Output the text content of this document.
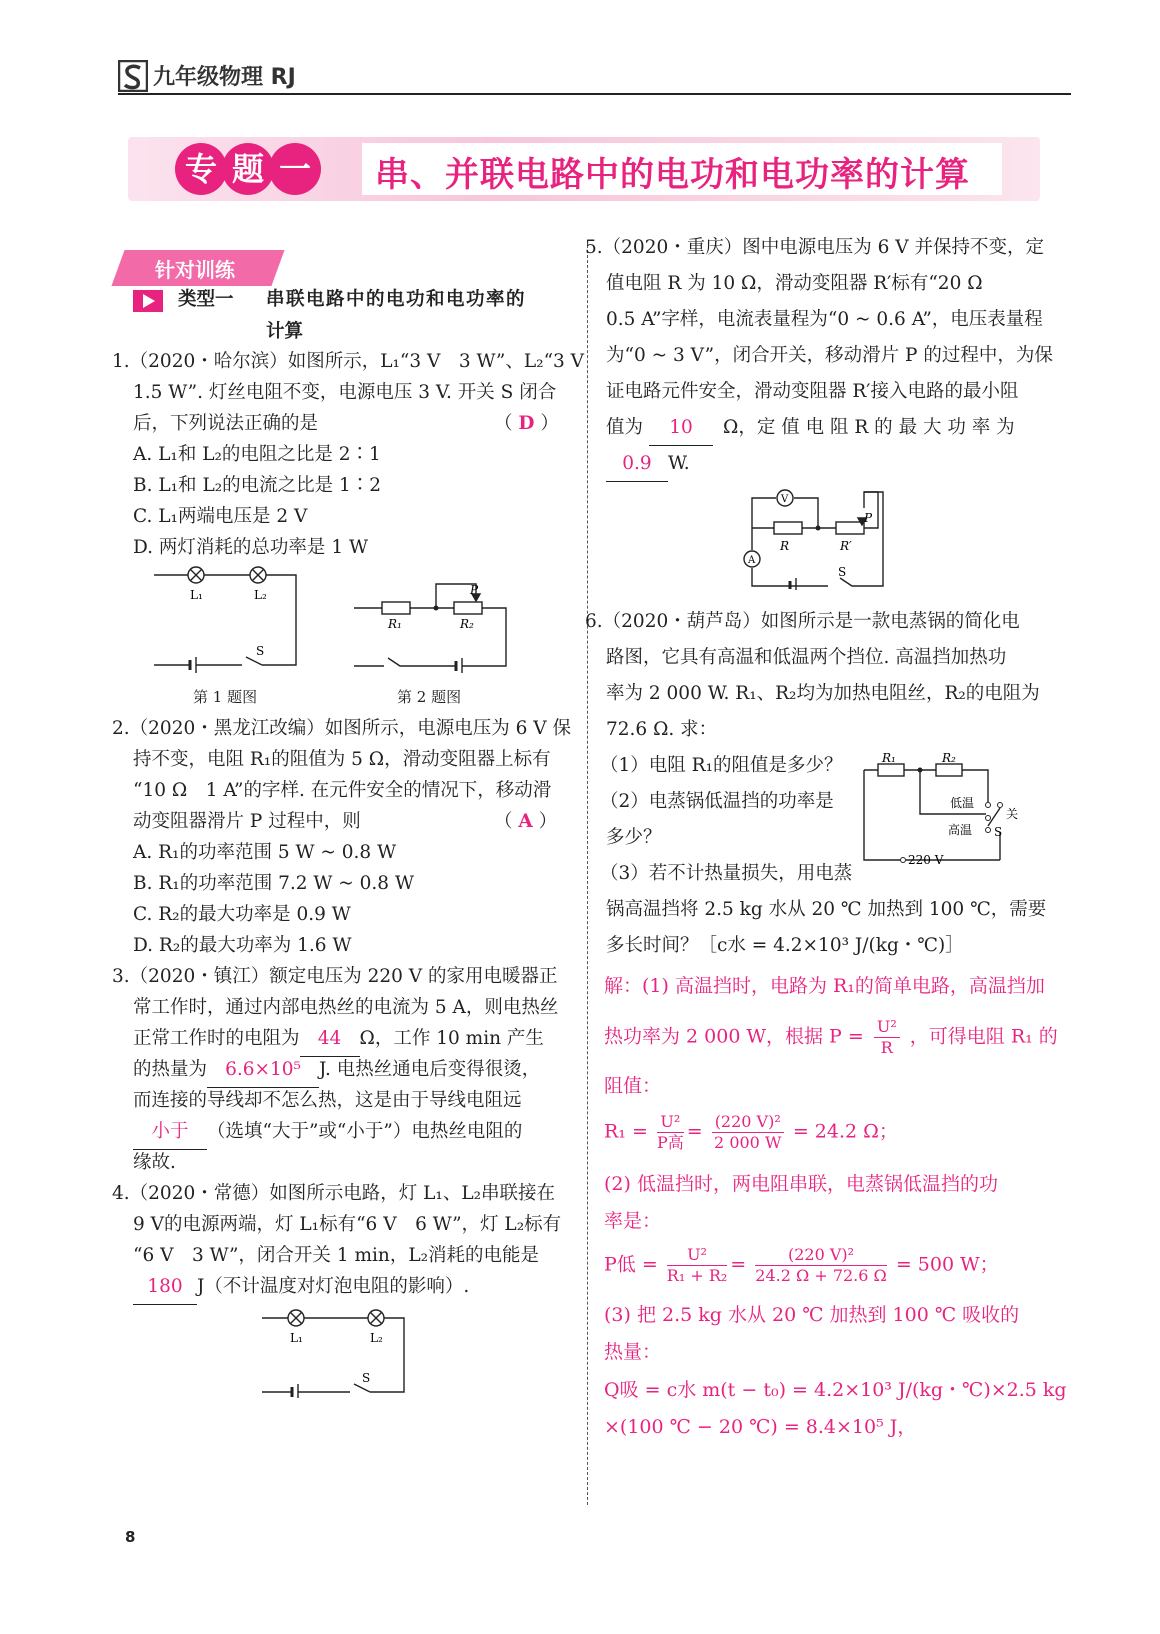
九年级物理 RJ
专 题 一 串、并联电路中的电功和电功率的计算
针对训练
类型一 串联电路中的电功和电功率的
计算
1.（2020・哈尔滨）如图所示，L₁“3 V　3 W”、L₂“3 V
1.5 W”. 灯丝电阻不变，电源电压 3 V. 开关 S 闭合
后，下列说法正确的是	（ D ）
A. L₁和 L₂的电阻之比是 2∶1
B. L₁和 L₂的电流之比是 1∶2
C. L₁两端电压是 2 V
D. 两灯消耗的总功率是 1 W
L₁	L₂
S
R₁	R₂
P
第 1 题图	第 2 题图
2.（2020・黑龙江改编）如图所示，电源电压为 6 V 保
持不变，电阻 R₁的阻值为 5 Ω，滑动变阻器上标有
“10 Ω　1 A”的字样. 在元件安全的情况下，移动滑
动变阻器滑片 P 过程中，则	（ A ）
A. R₁的功率范围 5 W ~ 0.8 W
B. R₁的功率范围 7.2 W ~ 0.8 W
C. R₂的最大功率是 0.9 W
D. R₂的最大功率为 1.6 W
3.（2020・镇江）额定电压为 220 V 的家用电暖器正
常工作时，通过内部电热丝的电流为 5 A，则电热丝
正常工作时的电阻为 44 Ω，工作 10 min 产生
的热量为 6.6×10⁵ J. 电热丝通电后变得很烫，
而连接的导线却不怎么热，这是由于导线电阻远
小于 （选填“大于”或“小于”）电热丝电阻的
缘故.
4.（2020・常德）如图所示电路，灯 L₁、L₂串联接在
9 V的电源两端，灯 L₁标有“6 V　6 W”，灯 L₂标有
“6 V　3 W”，闭合开关 1 min，L₂消耗的电能是
180 J（不计温度对灯泡电阻的影响）.
L₁	L₂
S
5.（2020・重庆）图中电源电压为 6 V 并保持不变，定
值电阻 R 为 10 Ω，滑动变阻器 R′标有“20 Ω
0.5 A”字样，电流表量程为“0 ~ 0.6 A”，电压表量程
为“0 ~ 3 V”，闭合开关，移动滑片 P 的过程中，为保
证电路元件安全，滑动变阻器 R′接入电路的最小阻
值为 10 Ω，定 值 电 阻 R 的 最 大 功 率 为
0.9 W.
V
A
R	R′
P
S
6.（2020・葫芦岛）如图所示是一款电蒸锅的简化电
路图，它具有高温和低温两个挡位. 高温挡加热功
率为 2 000 W. R₁、R₂均为加热电阻丝，R₂的电阻为
72.6 Ω. 求：
（1）电阻 R₁的阻值是多少？
（2）电蒸锅低温挡的功率是
多少？
（3）若不计热量损失，用电蒸
锅高温挡将 2.5 kg 水从 20 ℃ 加热到 100 ℃，需要
多长时间？［c水 = 4.2×10³ J/(kg・℃)］
R₁	R₂
低温
高温
关
S
220 V
解：(1) 高温挡时，电路为 R₁的简单电路，高温挡加
热功率为 2 000 W，根据 $P = \frac{\text{U²}}{R}$ ，可得电阻 R₁ 的
阻值：
R₁ = U²
P高 = $\frac{\text{(220 V)²}}{2 000 W} = 24.2$ Ω；
(2) 低温挡时，两电阻串联，电蒸锅低温挡的功
率是：
P低 = $\frac{\text{U²}}{\text{R₁ + R₂}} = \frac{\text{(220 V)²}}{24.2 \Omega + 72.6 \Omega} = 500$ W；
(3) 把 2.5 kg 水从 20 ℃ 加热到 100 ℃ 吸收的
热量：
Q吸 = c水 m(t − t₀) = 4.2×10³ J/(kg・℃)×2.5 kg
×(100 ℃ − 20 ℃) = 8.4×10⁵ J，
8
